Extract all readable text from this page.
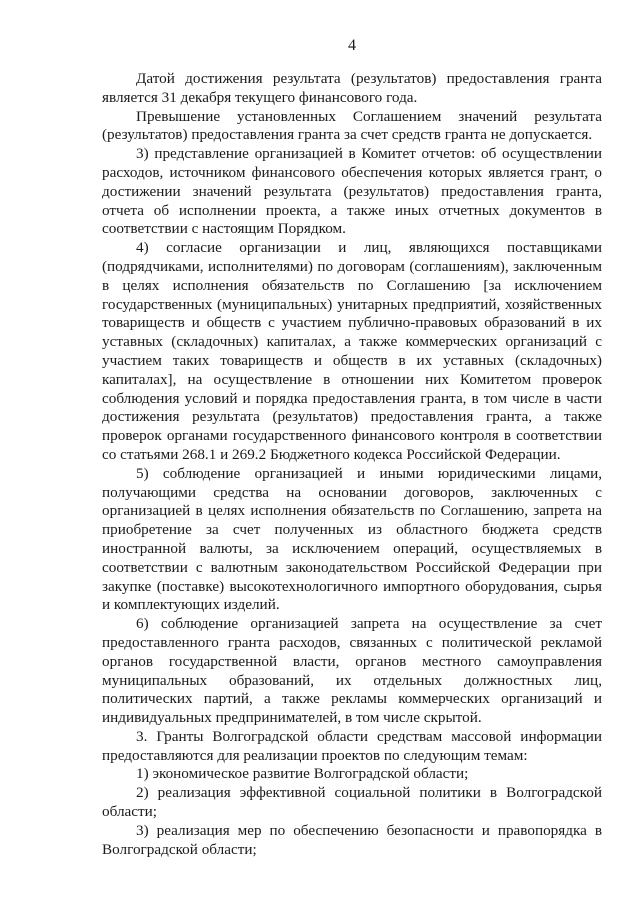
4

Датой достижения результата (результатов) предоставления гранта является 31 декабря текущего финансового года.

Превышение установленных Соглашением значений результата (результатов) предоставления гранта за счет средств гранта не допускается.

3) представление организацией в Комитет отчетов: об осуществлении расходов, источником финансового обеспечения которых является грант, о достижении значений результата (результатов) предоставления гранта, отчета об исполнении проекта, а также иных отчетных документов в соответствии с настоящим Порядком.

4) согласие организации и лиц, являющихся поставщиками (подрядчиками, исполнителями) по договорам (соглашениям), заключенным в целях исполнения обязательств по Соглашению [за исключением государственных (муниципальных) унитарных предприятий, хозяйственных товариществ и обществ с участием публично-правовых образований в их уставных (складочных) капиталах, а также коммерческих организаций с участием таких товариществ и обществ в их уставных (складочных) капиталах], на осуществление в отношении них Комитетом проверок соблюдения условий и порядка предоставления гранта, в том числе в части достижения результата (результатов) предоставления гранта, а также проверок органами государственного финансового контроля в соответствии со статьями 268.1 и 269.2 Бюджетного кодекса Российской Федерации.

5) соблюдение организацией и иными юридическими лицами, получающими средства на основании договоров, заключенных с организацией в целях исполнения обязательств по Соглашению, запрета на приобретение за счет полученных из областного бюджета средств иностранной валюты, за исключением операций, осуществляемых в соответствии с валютным законодательством Российской Федерации при закупке (поставке) высокотехнологичного импортного оборудования, сырья и комплектующих изделий.

6) соблюдение организацией запрета на осуществление за счет предоставленного гранта расходов, связанных с политической рекламой органов государственной власти, органов местного самоуправления муниципальных образований, их отдельных должностных лиц, политических партий, а также рекламы коммерческих организаций и индивидуальных предпринимателей, в том числе скрытой.

3. Гранты Волгоградской области средствам массовой информации предоставляются для реализации проектов по следующим темам:

1) экономическое развитие Волгоградской области;

2) реализация эффективной социальной политики в Волгоградской области;

3) реализация мер по обеспечению безопасности и правопорядка в Волгоградской области;
